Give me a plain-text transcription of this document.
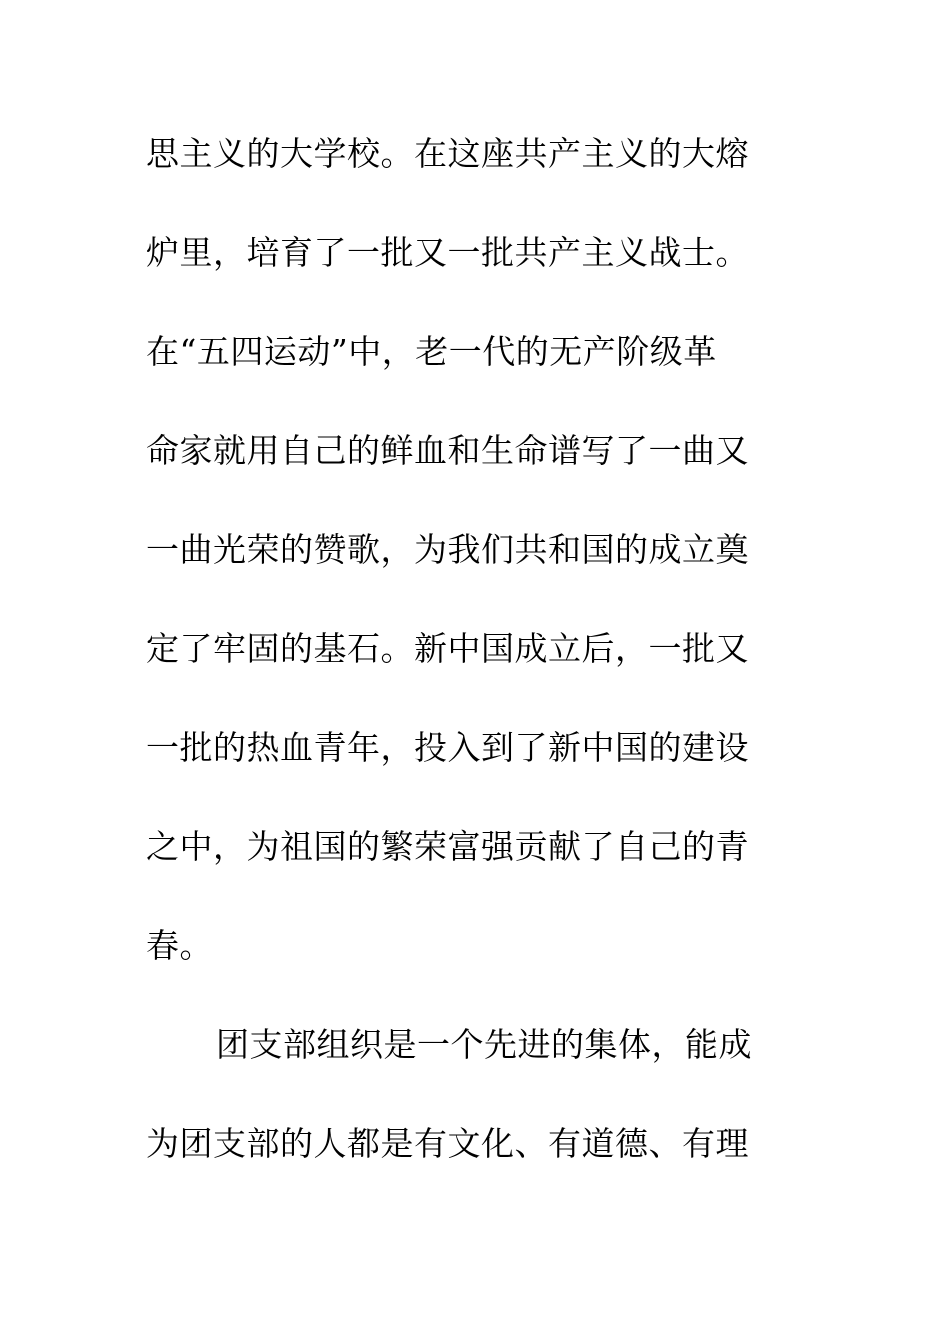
思主义的大学校。在这座共产主义的大熔
炉里，培育了一批又一批共产主义战士。
在“五四运动”中，老一代的无产阶级革
命家就用自己的鲜血和生命谱写了一曲又
一曲光荣的赞歌，为我们共和国的成立奠
定了牢固的基石。新中国成立后，一批又
一批的热血青年，投入到了新中国的建设
之中，为祖国的繁荣富强贡献了自己的青
春。
团支部组织是一个先进的集体，能成
为团支部的人都是有文化、有道德、有理
